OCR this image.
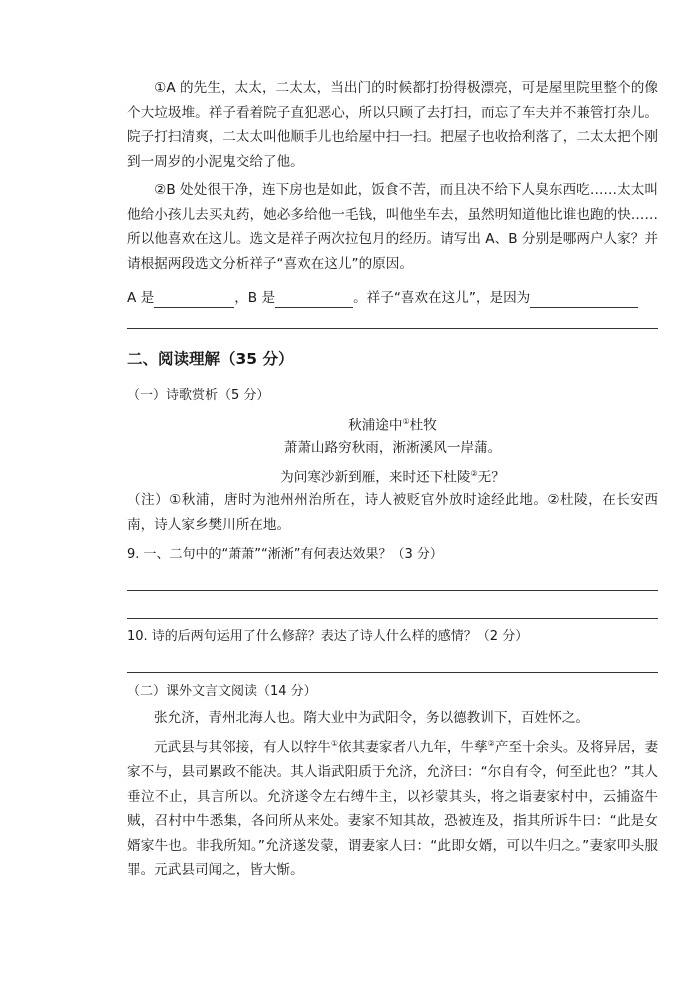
①A 的先生，太太，二太太，当出门的时候都打扮得极漂亮，可是屋里院里整个的像个大垃圾堆。祥子看着院子直犯恶心，所以只顾了去打扫，而忘了车夫并不兼管打杂儿。院子打扫清爽，二太太叫他顺手儿也给屋中扫一扫。把屋子也收拾利落了，二太太把个刚到一周岁的小泥鬼交给了他。

②B 处处很干净，连下房也是如此，饭食不苦，而且决不给下人臭东西吃……太太叫他给小孩儿去买丸药，她必多给他一毛钱，叫他坐车去，虽然明知道他比谁也跑的快……所以他喜欢在这儿。选文是祥子两次拉包月的经历。请写出 A、B 分别是哪两户人家？并请根据两段选文分析祥子“喜欢在这儿”的原因。

A 是	，B 是	。祥子“喜欢在这儿”，是因为
二、阅读理解（35 分）
（一）诗歌赏析（5 分）
秋浦途中①杜牧
萧萧山路穷秋雨，淅淅溪风一岸蒲。
为问寒沙新到雁，来时还下杜陵②无？

（注）①秋浦，唐时为池州州治所在，诗人被贬官外放时途经此地。②杜陵，在长安西南，诗人家乡樊川所在地。

9. 一、二句中的“萧萧”“淅淅”有何表达效果？（3 分）
10. 诗的后两句运用了什么修辞？表达了诗人什么样的感情？（2 分）
（二）课外文言文阅读（14 分）

张允济，青州北海人也。隋大业中为武阳令，务以德教训下，百姓怀之。

元武县与其邻接，有人以牸牛①依其妻家者八九年，牛孳②产至十余头。及将异居，妻家不与，县司累政不能决。其人诣武阳质于允济，允济曰：“尔自有令，何至此也？”其人垂泣不止，具言所以。允济遂令左右缚牛主，以衫蒙其头，将之诣妻家村中，云捕盗牛贼，召村中牛悉集，各问所从来处。妻家不知其故，恐被连及，指其所诉牛曰：“此是女婿家牛也。非我所知。”允济遂发蒙，谓妻家人曰：“此即女婿，可以牛归之。”妻家叩头服罪。元武县司闻之，皆大惭。
